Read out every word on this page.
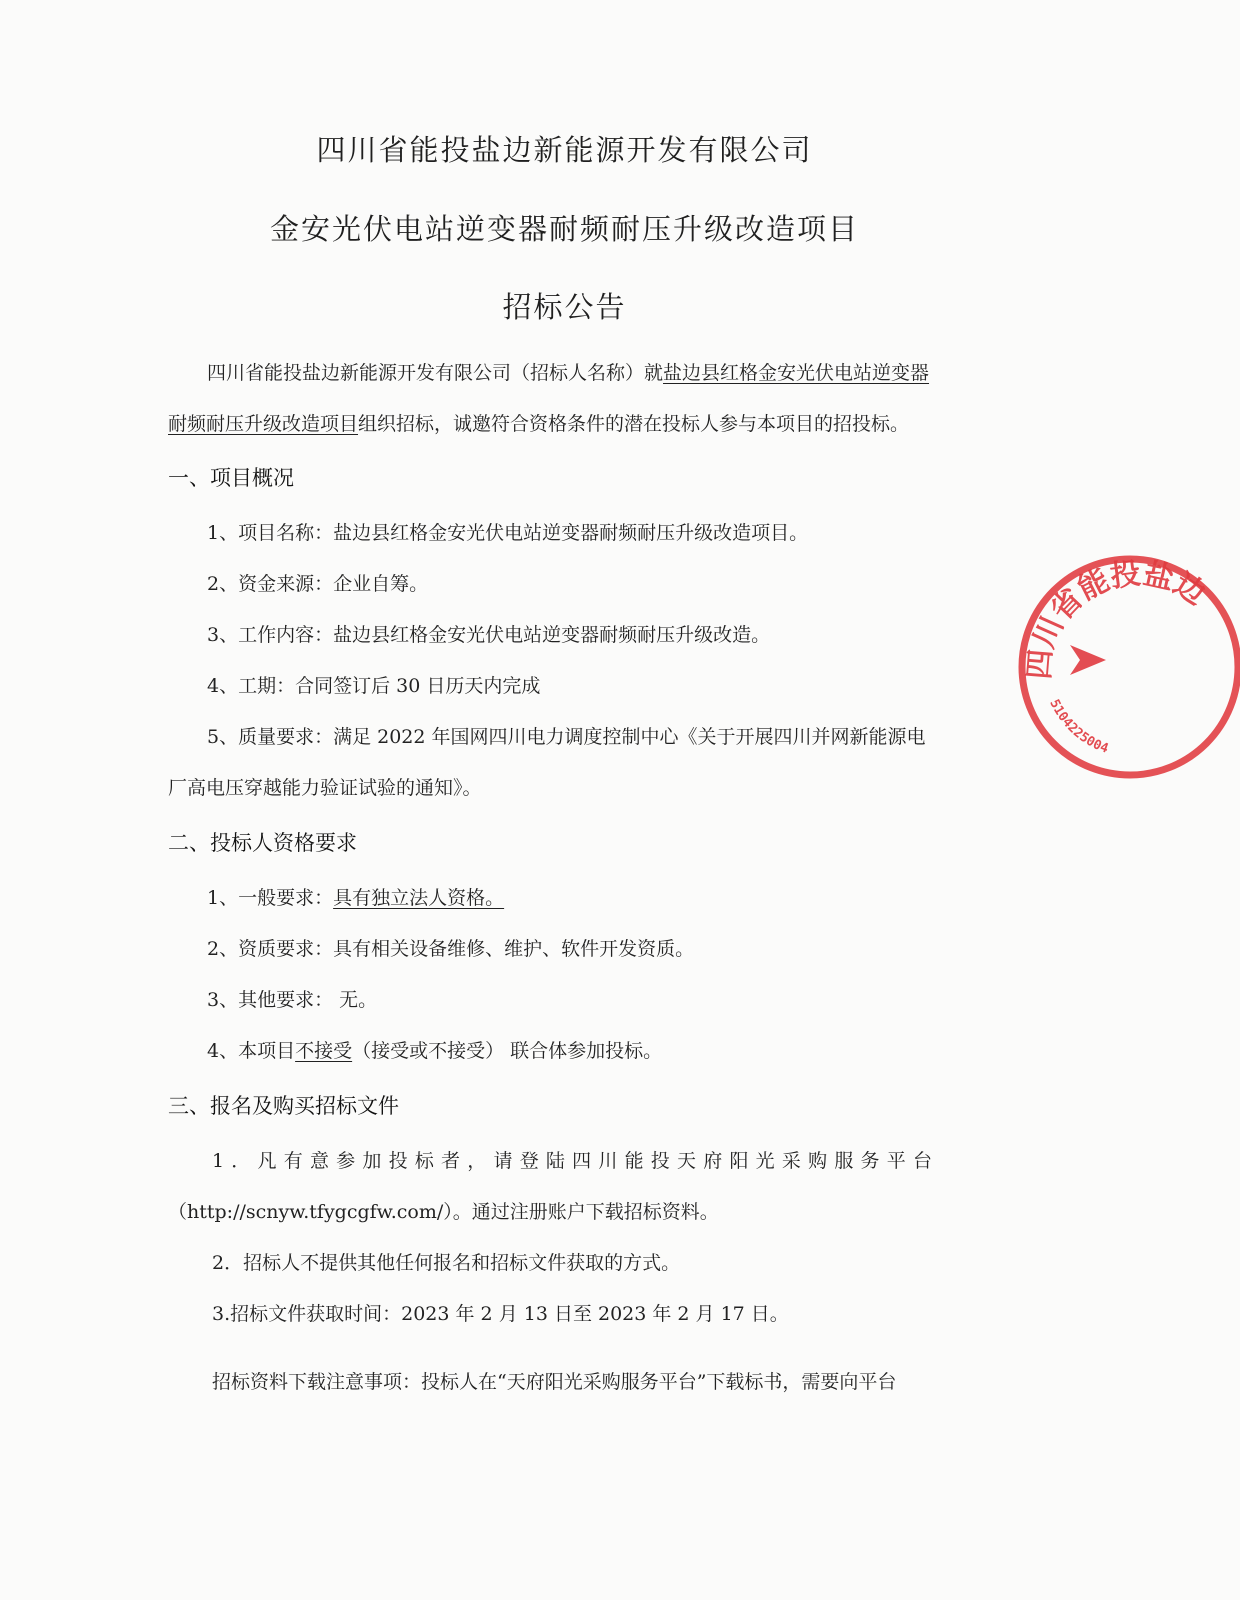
四川省能投盐边新能源开发有限公司
金安光伏电站逆变器耐频耐压升级改造项目
招标公告
四川省能投盐边新能源开发有限公司（招标人名称）就盐边县红格金安光伏电站逆变器
耐频耐压升级改造项目组织招标，诚邀符合资格条件的潜在投标人参与本项目的招投标。
一、项目概况
1、项目名称：盐边县红格金安光伏电站逆变器耐频耐压升级改造项目。
2、资金来源：企业自筹。
3、工作内容：盐边县红格金安光伏电站逆变器耐频耐压升级改造。
4、工期：合同签订后 30 日历天内完成
5、质量要求：满足 2022 年国网四川电力调度控制中心《关于开展四川并网新能源电
厂高电压穿越能力验证试验的通知》。
二、投标人资格要求
1、一般要求：具有独立法人资格。
2、资质要求：具有相关设备维修、维护、软件开发资质。
3、其他要求： 无。
4、本项目不接受（接受或不接受） 联合体参加投标。
三、报名及购买招标文件
1．凡有意参加投标者，请登陆四川能投天府阳光采购服务平台
（http://scnyw.tfygcgfw.com/）。通过注册账户下载招标资料。
2．招标人不提供其他任何报名和招标文件获取的方式。
3.招标文件获取时间：2023 年 2 月 13 日至 2023 年 2 月 17 日。
招标资料下载注意事项：投标人在“天府阳光采购服务平台”下载标书，需要向平台
四川省能投盐边
5104225004
